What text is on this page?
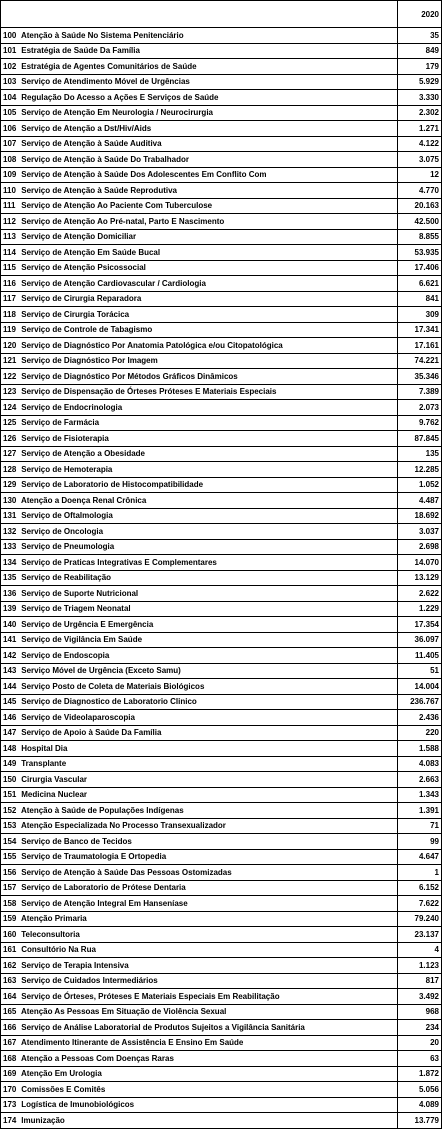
	2020
100 Atenção à Saúde No Sistema Penitenciário	35
101 Estratégia de Saúde Da Família	849
102 Estratégia de Agentes Comunitários de Saúde	179
103 Serviço de Atendimento Móvel de Urgências	5.929
104 Regulação Do Acesso a Ações E Serviços de Saúde	3.330
105 Serviço de Atenção Em Neurologia / Neurocirurgia	2.302
106 Serviço de Atenção a Dst/Hiv/Aids	1.271
107 Serviço de Atenção à Saúde Auditiva	4.122
108 Serviço de Atenção à Saúde Do Trabalhador	3.075
109 Serviço de Atenção à Saúde Dos Adolescentes Em Conflito Com	12
110 Serviço de Atenção à Saúde Reprodutiva	4.770
111 Serviço de Atenção Ao Paciente Com Tuberculose	20.163
112 Serviço de Atenção Ao Pré-natal, Parto E Nascimento	42.500
113 Serviço de Atenção Domiciliar	8.855
114 Serviço de Atenção Em Saúde Bucal	53.935
115 Serviço de Atenção Psicossocial	17.406
116 Serviço de Atenção Cardiovascular / Cardiologia	6.621
117 Serviço de Cirurgia Reparadora	841
118 Serviço de Cirurgia Torácica	309
119 Serviço de Controle de Tabagismo	17.341
120 Serviço de Diagnóstico Por Anatomia Patológica e/ou Citopatológica	17.161
121 Serviço de Diagnóstico Por Imagem	74.221
122 Serviço de Diagnóstico Por Métodos Gráficos Dinâmicos	35.346
123 Serviço de Dispensação de Órteses Próteses E Materiais Especiais	7.389
124 Serviço de Endocrinologia	2.073
125 Serviço de Farmácia	9.762
126 Serviço de Fisioterapia	87.845
127 Serviço de Atenção a Obesidade	135
128 Serviço de Hemoterapia	12.285
129 Serviço de Laboratorio de Histocompatibilidade	1.052
130 Atenção a Doença Renal Crônica	4.487
131 Serviço de Oftalmologia	18.692
132 Serviço de Oncologia	3.037
133 Serviço de Pneumologia	2.698
134 Serviço de Praticas Integrativas E Complementares	14.070
135 Serviço de Reabilitação	13.129
136 Serviço de Suporte Nutricional	2.622
139 Serviço de Triagem Neonatal	1.229
140 Serviço de Urgência E Emergência	17.354
141 Serviço de Vigilância Em Saúde	36.097
142 Serviço de Endoscopia	11.405
143 Serviço Móvel de Urgência (Exceto Samu)	51
144 Serviço Posto de Coleta de Materiais Biológicos	14.004
145 Serviço de Diagnostico de Laboratorio Clinico	236.767
146 Serviço de Videolaparoscopia	2.436
147 Serviço de Apoio à Saúde Da Família	220
148 Hospital Dia	1.588
149 Transplante	4.083
150 Cirurgia Vascular	2.663
151 Medicina Nuclear	1.343
152 Atenção à Saúde de Populações Indígenas	1.391
153 Atenção Especializada No Processo Transexualizador	71
154 Serviço de Banco de Tecidos	99
155 Serviço de Traumatologia E Ortopedia	4.647
156 Serviço de Atenção à Saúde Das Pessoas Ostomizadas	1
157 Serviço de Laboratorio de Prótese Dentaria	6.152
158 Serviço de Atenção Integral Em Hanseníase	7.622
159 Atenção Primaria	79.240
160 Teleconsultoria	23.137
161 Consultório Na Rua	4
162 Serviço de Terapia Intensiva	1.123
163 Serviço de Cuidados Intermediários	817
164 Serviço de Órteses, Próteses E Materiais Especiais Em Reabilitação	3.492
165 Atenção As Pessoas Em Situação de Violência Sexual	968
166 Serviço de Análise Laboratorial de Produtos Sujeitos a Vigilância Sanitária	234
167 Atendimento Itinerante de Assistência E Ensino Em Saúde	20
168 Atenção a Pessoas Com Doenças Raras	63
169 Atenção Em Urologia	1.872
170 Comissões E Comitês	5.056
173 Logística de Imunobiológicos	4.089
174 Imunização	13.779
